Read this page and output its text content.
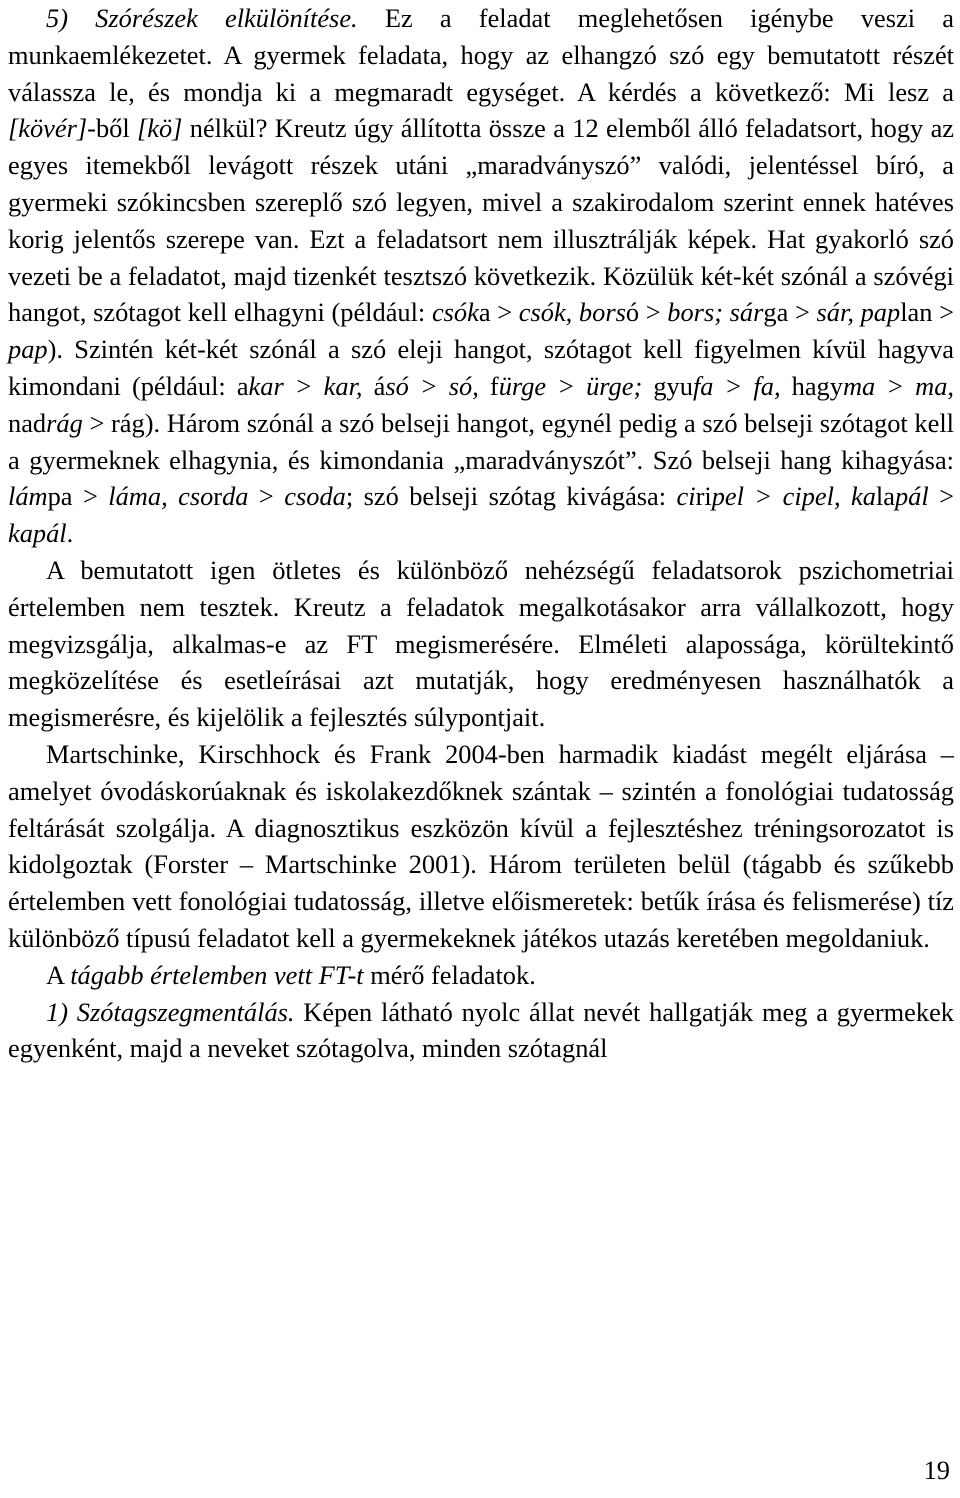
5) Szórészek elkülönítése. Ez a feladat meglehetősen igénybe veszi a munkaemlékezetet. A gyermek feladata, hogy az elhangzó szó egy bemutatott részét válassza le, és mondja ki a megmaradt egységet. A kérdés a következő: Mi lesz a [kövér]-ből [kö] nélkül? Kreutz úgy állította össze a 12 elemből álló feladatsort, hogy az egyes itemekből levágott részek utáni „maradványszó” valódi, jelentéssel bíró, a gyermeki szókincsben szereplő szó legyen, mivel a szakirodalom szerint ennek hatéves korig jelentős szerepe van. Ezt a feladatsort nem illusztrálják képek. Hat gyakorló szó vezeti be a feladatot, majd tizenkét tesztszó következik. Közülük két-két szónál a szóvégi hangot, szótagot kell elhagyni (például: csóka > csók, borsó > bors; sárga > sár, paplan > pap). Szintén két-két szónál a szó eleji hangot, szótagot kell figyelmen kívül hagyva kimondani (például: akar > kar, ásó > só, fürge > ürge; gyufa > fa, hagyma > ma, nadrág > rág). Három szónál a szó belseji hangot, egynél pedig a szó belseji szótagot kell a gyermeknek elhagynia, és kimondania „maradványszót”. Szó belseji hang kihagyása: lámpa > láma, csorda > csoda; szó belseji szótag kivágása: ciripel > cipel, kalapál > kapál.

A bemutatott igen ötletes és különböző nehézségű feladatsorok pszichometriai értelemben nem tesztek. Kreutz a feladatok megalkotásakor arra vállalkozott, hogy megvizsgálja, alkalmas-e az FT megismerésére. Elméleti alapossága, körültekintő megközelítése és esetleírásai azt mutatják, hogy eredményesen használhatók a megismerésre, és kijelölik a fejlesztés súlypontjait.

Martschinke, Kirschhock és Frank 2004-ben harmadik kiadást megélt eljárása – amelyet óvodáskorúaknak és iskolakezdőknek szántak – szintén a fonológiai tudatosság feltárását szolgálja. A diagnosztikus eszközön kívül a fejlesztéshez tréningsorozatot is kidolgoztak (Forster – Martschinke 2001). Három területen belül (tágabb és szűkebb értelemben vett fonológiai tudatosság, illetve előismeretek: betűk írása és felismerése) tíz különböző típusú feladatot kell a gyermekeknek játékos utazás keretében megoldaniuk.

A tágabb értelemben vett FT-t mérő feladatok.

1) Szótagszegmentálás. Képen látható nyolc állat nevét hallgatják meg a gyermekek egyenként, majd a neveket szótagolva, minden szótagnál

19
